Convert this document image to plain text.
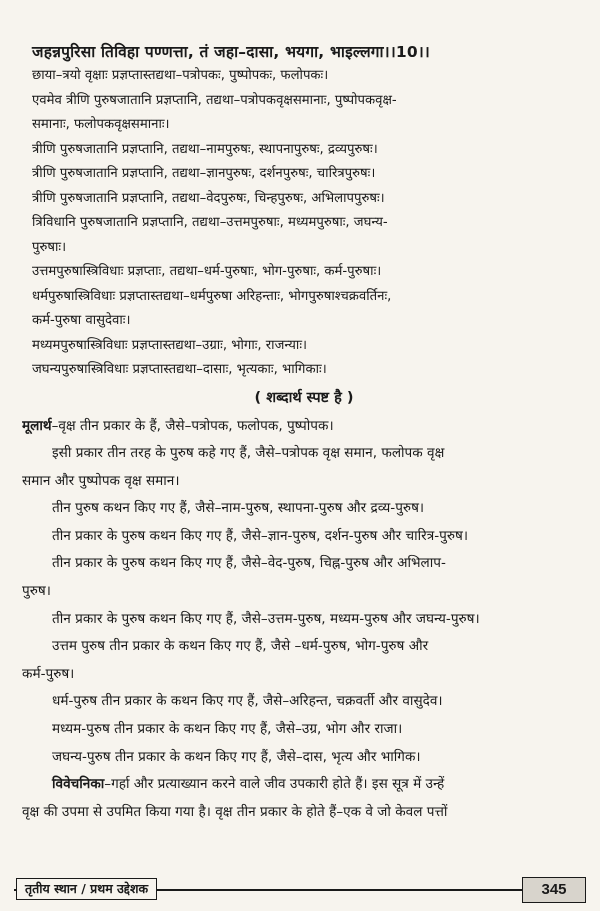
जहन्नपुरिसा तिविहा पण्णत्ता, तं जहा–दासा, भयगा, भाइल्लगा।।10।।
छाया–त्रयो वृक्षाः प्रज्ञप्तास्तद्यथा–पत्रोपकः, पुष्पोपकः, फलोपकः।
एवमेव त्रीणि पुरुषजातानि प्रज्ञप्तानि, तद्यथा–पत्रोपकवृक्षसमानाः, पुष्पोपकवृक्ष-
समानाः, फलोपकवृक्षसमानाः।
त्रीणि पुरुषजातानि प्रज्ञप्तानि, तद्यथा–नामपुरुषः, स्थापनापुरुषः, द्रव्यपुरुषः।
त्रीणि पुरुषजातानि प्रज्ञप्तानि, तद्यथा–ज्ञानपुरुषः, दर्शनपुरुषः, चारित्रपुरुषः।
त्रीणि पुरुषजातानि प्रज्ञप्तानि, तद्यथा–वेदपुरुषः, चिन्हपुरुषः, अभिलापपुरुषः।
त्रिविधानि पुरुषजातानि प्रज्ञप्तानि, तद्यथा–उत्तमपुरुषाः, मध्यमपुरुषाः, जघन्य-
पुरुषाः।
उत्तमपुरुषास्त्रिविधाः प्रज्ञप्ताः, तद्यथा–धर्म-पुरुषाः, भोग-पुरुषाः, कर्म-पुरुषाः।
धर्मपुरुषास्त्रिविधाः प्रज्ञप्तास्तद्यथा–धर्मपुरुषा अरिहन्ताः, भोगपुरुषाश्चक्रवर्तिनः,
कर्म-पुरुषा वासुदेवाः।
मध्यमपुरुषास्त्रिविधाः प्रज्ञप्तास्तद्यथा–उग्राः, भोगाः, राजन्याः।
जघन्यपुरुषास्त्रिविधाः प्रज्ञप्तास्तद्यथा–दासाः, भृत्यकाः, भागिकाः।
( शब्दार्थ स्पष्ट है )
मूलार्थ–वृक्ष तीन प्रकार के हैं, जैसे–पत्रोपक, फलोपक, पुष्पोपक।
इसी प्रकार तीन तरह के पुरुष कहे गए हैं, जैसे–पत्रोपक वृक्ष समान, फलोपक वृक्ष
समान और पुष्पोपक वृक्ष समान।
तीन पुरुष कथन किए गए हैं, जैसे–नाम-पुरुष, स्थापना-पुरुष और द्रव्य-पुरुष।
तीन प्रकार के पुरुष कथन किए गए हैं, जैसे–ज्ञान-पुरुष, दर्शन-पुरुष और चारित्र-पुरुष।
तीन प्रकार के पुरुष कथन किए गए हैं, जैसे–वेद-पुरुष, चिह्न-पुरुष और अभिलाप-
पुरुष।
तीन प्रकार के पुरुष कथन किए गए हैं, जैसे–उत्तम-पुरुष, मध्यम-पुरुष और जघन्य-पुरुष।
उत्तम पुरुष तीन प्रकार के कथन किए गए हैं, जैसे –धर्म-पुरुष, भोग-पुरुष और
कर्म-पुरुष।
धर्म-पुरुष तीन प्रकार के कथन किए गए हैं, जैसे–अरिहन्त, चक्रवर्ती और वासुदेव।
मध्यम-पुरुष तीन प्रकार के कथन किए गए हैं, जैसे–उग्र, भोग और राजा।
जघन्य-पुरुष तीन प्रकार के कथन किए गए हैं, जैसे–दास, भृत्य और भागिक।
विवेचनिका–गर्हा और प्रत्याख्यान करने वाले जीव उपकारी होते हैं। इस सूत्र में उन्हें
वृक्ष की उपमा से उपमित किया गया है। वृक्ष तीन प्रकार के होते हैं–एक वे जो केवल पत्तों
तृतीय स्थान / प्रथम उद्देशक	345
